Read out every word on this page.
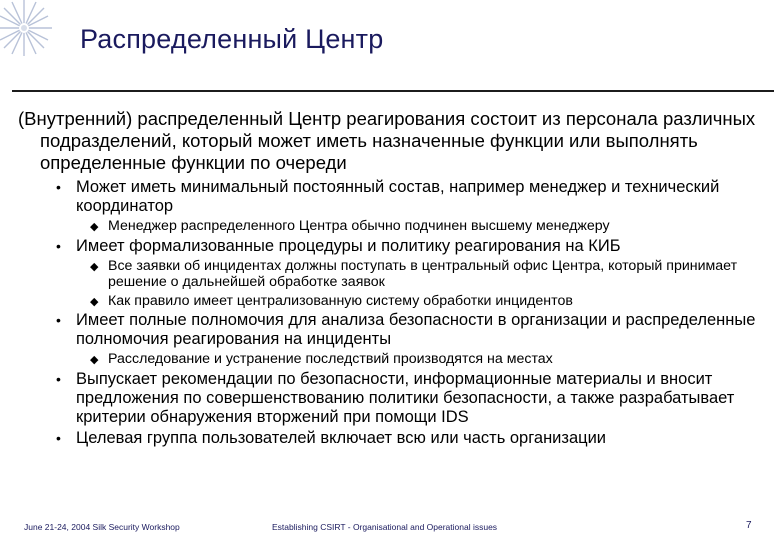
Распределенный Центр

(Внутренний) распределенный Центр реагирования состоит из персонала различных подразделений, который может иметь назначенные функции или выполнять определенные функции по очереди

• Может иметь минимальный постоянный состав, например менеджер и технический координатор
◆ Менеджер распределенного Центра обычно подчинен высшему менеджеру
• Имеет формализованные процедуры и политику реагирования на КИБ
◆ Все заявки об инцидентах должны поступать в центральный офис Центра, который принимает решение о дальнейшей обработке заявок
◆ Как правило имеет централизованную систему обработки инцидентов
• Имеет полные полномочия для анализа безопасности в организации и распределенные полномочия реагирования на инциденты
◆ Расследование и устранение последствий производятся на местах
• Выпускает рекомендации по безопасности, информационные материалы и вносит предложения по совершенствованию политики безопасности, а также разрабатывает критерии обнаружения вторжений при помощи IDS
• Целевая группа пользователей включает всю или часть организации
June 21-24, 2004 Silk Security Workshop	Establishing CSIRT - Organisational and Operational issues	7
